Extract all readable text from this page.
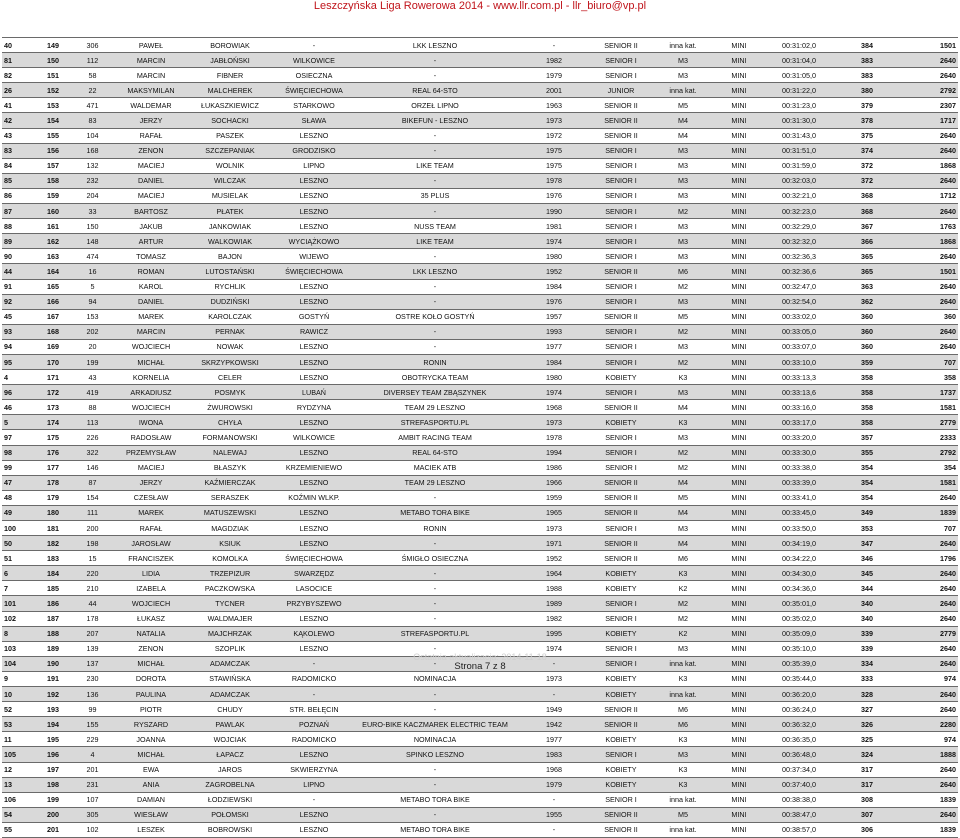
Leszczyńska Liga Rowerowa 2014 - www.llr.com.pl - llr_biuro@vp.pl
40	149	306	PAWEŁ	BOROWIAK	-	LKK LESZNO	-	SENIOR II	inna kat.	MINI	00:31:02,0	384	1501
81	150	112	MARCIN	JABŁOŃSKI	WILKOWICE	-	1982	SENIOR I	M3	MINI	00:31:04,0	383	2640
82	151	58	MARCIN	FIBNER	OSIECZNA	-	1979	SENIOR I	M3	MINI	00:31:05,0	383	2640
26	152	22	MAKSYMILAN	MALCHEREK	ŚWIĘCIECHOWA	REAL 64-STO	2001	JUNIOR	inna kat.	MINI	00:31:22,0	380	2792
41	153	471	WALDEMAR	ŁUKASZKIEWICZ	STARKOWO	ORZEŁ LIPNO	1963	SENIOR II	M5	MINI	00:31:23,0	379	2307
42	154	83	JERZY	SOCHACKI	SŁAWA	BIKEFUN - LESZNO	1973	SENIOR II	M4	MINI	00:31:30,0	378	1717
43	155	104	RAFAŁ	PASZEK	LESZNO	-	1972	SENIOR II	M4	MINI	00:31:43,0	375	2640
83	156	168	ZENON	SZCZEPANIAK	GRODZISKO	-	1975	SENIOR I	M3	MINI	00:31:51,0	374	2640
84	157	132	MACIEJ	WOLNIK	LIPNO	LIKE TEAM	1975	SENIOR I	M3	MINI	00:31:59,0	372	1868
85	158	232	DANIEL	WILCZAK	LESZNO	-	1978	SENIOR I	M3	MINI	00:32:03,0	372	2640
86	159	204	MACIEJ	MUSIELAK	LESZNO	35 PLUS	1976	SENIOR I	M3	MINI	00:32:21,0	368	1712
87	160	33	BARTOSZ	PŁATEK	LESZNO	-	1990	SENIOR I	M2	MINI	00:32:23,0	368	2640
88	161	150	JAKUB	JANKOWIAK	LESZNO	NUSS TEAM	1981	SENIOR I	M3	MINI	00:32:29,0	367	1763
89	162	148	ARTUR	WALKOWIAK	WYCIĄŻKOWO	LIKE TEAM	1974	SENIOR I	M3	MINI	00:32:32,0	366	1868
90	163	474	TOMASZ	BAJON	WIJEWO	-	1980	SENIOR I	M3	MINI	00:32:36,3	365	2640
44	164	16	ROMAN	LUTOSTAŃSKI	ŚWIĘCIECHOWA	LKK LESZNO	1952	SENIOR II	M6	MINI	00:32:36,6	365	1501
91	165	5	KAROL	RYCHLIK	LESZNO	-	1984	SENIOR I	M2	MINI	00:32:47,0	363	2640
92	166	94	DANIEL	DUDZIŃSKI	LESZNO	-	1976	SENIOR I	M3	MINI	00:32:54,0	362	2640
45	167	153	MAREK	KAROLCZAK	GOSTYŃ	OSTRE KOŁO GOSTYŃ	1957	SENIOR II	M5	MINI	00:33:02,0	360	360
93	168	202	MARCIN	PERNAK	RAWICZ	-	1993	SENIOR I	M2	MINI	00:33:05,0	360	2640
94	169	20	WOJCIECH	NOWAK	LESZNO	-	1977	SENIOR I	M3	MINI	00:33:07,0	360	2640
95	170	199	MICHAŁ	SKRZYPKOWSKI	LESZNO	RONIN	1984	SENIOR I	M2	MINI	00:33:10,0	359	707
4	171	43	KORNELIA	CELER	LESZNO	OBOTRYCKA TEAM	1980	KOBIETY	K3	MINI	00:33:13,3	358	358
96	172	419	ARKADIUSZ	POSMYK	LUBAŃ	DIVERSEY TEAM ZBĄSZYNEK	1974	SENIOR I	M3	MINI	00:33:13,6	358	1737
46	173	88	WOJCIECH	ŻWUROWSKI	RYDZYNA	TEAM 29 LESZNO	1968	SENIOR II	M4	MINI	00:33:16,0	358	1581
5	174	113	IWONA	CHYŁA	LESZNO	STREFASPORTU.PL	1973	KOBIETY	K3	MINI	00:33:17,0	358	2779
97	175	226	RADOSŁAW	FORMANOWSKI	WILKOWICE	AMBIT RACING TEAM	1978	SENIOR I	M3	MINI	00:33:20,0	357	2333
98	176	322	PRZEMYSŁAW	NALEWAJ	LESZNO	REAL 64-STO	1994	SENIOR I	M2	MINI	00:33:30,0	355	2792
99	177	146	MACIEJ	BŁASZYK	KRZEMIENIEWO	MACIEK ATB	1986	SENIOR I	M2	MINI	00:33:38,0	354	354
47	178	87	JERZY	KAŹMIERCZAK	LESZNO	TEAM 29 LESZNO	1966	SENIOR II	M4	MINI	00:33:39,0	354	1581
48	179	154	CZESŁAW	SERASZEK	KOŹMIN WLKP.	-	1959	SENIOR II	M5	MINI	00:33:41,0	354	2640
49	180	111	MAREK	MATUSZEWSKI	LESZNO	METABO TORA BIKE	1965	SENIOR II	M4	MINI	00:33:45,0	349	1839
100	181	200	RAFAŁ	MAGDZIAK	LESZNO	RONIN	1973	SENIOR I	M3	MINI	00:33:50,0	353	707
50	182	198	JAROSŁAW	KSIUK	LESZNO	-	1971	SENIOR II	M4	MINI	00:34:19,0	347	2640
51	183	15	FRANCISZEK	KOMOLKA	ŚWIĘCIECHOWA	ŚMIGŁO OSIECZNA	1952	SENIOR II	M6	MINI	00:34:22,0	346	1796
6	184	220	LIDIA	TRZEPIZUR	SWARZĘDZ	-	1964	KOBIETY	K3	MINI	00:34:30,0	345	2640
7	185	210	IZABELA	PACZKOWSKA	LASOCICE	-	1988	KOBIETY	K2	MINI	00:34:36,0	344	2640
101	186	44	WOJCIECH	TYCNER	PRZYBYSZEWO	-	1989	SENIOR I	M2	MINI	00:35:01,0	340	2640
102	187	178	ŁUKASZ	WALDMAJER	LESZNO	-	1982	SENIOR I	M2	MINI	00:35:02,0	340	2640
8	188	207	NATALIA	MAJCHRZAK	KĄKOLEWO	STREFASPORTU.PL	1995	KOBIETY	K2	MINI	00:35:09,0	339	2779
103	189	139	ZENON	SZOPLIK	LESZNO	-	1974	SENIOR I	M3	MINI	00:35:10,0	339	2640
104	190	137	MICHAŁ	ADAMCZAK	-	-	-	SENIOR I	inna kat.	MINI	00:35:39,0	334	2640
9	191	230	DOROTA	STAWIŃSKA	RADOMICKO	NOMINACJA	1973	KOBIETY	K3	MINI	00:35:44,0	333	974
10	192	136	PAULINA	ADAMCZAK	-	-	-	KOBIETY	inna kat.	MINI	00:36:20,0	328	2640
52	193	99	PIOTR	CHUDY	STR. BEŁĘCIN	-	1949	SENIOR II	M6	MINI	00:36:24,0	327	2640
53	194	155	RYSZARD	PAWLAK	POZNAŃ	EURO-BIKE KACZMAREK ELECTRIC TEAM	1942	SENIOR II	M6	MINI	00:36:32,0	326	2280
11	195	229	JOANNA	WOJCIAK	RADOMICKO	NOMINACJA	1977	KOBIETY	K3	MINI	00:36:35,0	325	974
105	196	4	MICHAŁ	ŁAPACZ	LESZNO	SPINKO LESZNO	1983	SENIOR I	M3	MINI	00:36:48,0	324	1888
12	197	201	EWA	JAROS	SKWIERZYNA	-	1968	KOBIETY	K3	MINI	00:37:34,0	317	2640
13	198	231	ANIA	ZAGROBELNA	LIPNO	-	1979	KOBIETY	K3	MINI	00:37:40,0	317	2640
106	199	107	DAMIAN	ŁODZIEWSKI	-	METABO TORA BIKE	-	SENIOR I	inna kat.	MINI	00:38:38,0	308	1839
54	200	305	WIESŁAW	POŁOMSKI	LESZNO	-	1955	SENIOR II	M5	MINI	00:38:47,0	307	2640
55	201	102	LESZEK	BOBROWSKI	LESZNO	METABO TORA BIKE	-	SENIOR II	inna kat.	MINI	00:38:57,0	306	1839
Ostatnia aktualizacja: 2014-11-18
Strona 7 z 8
